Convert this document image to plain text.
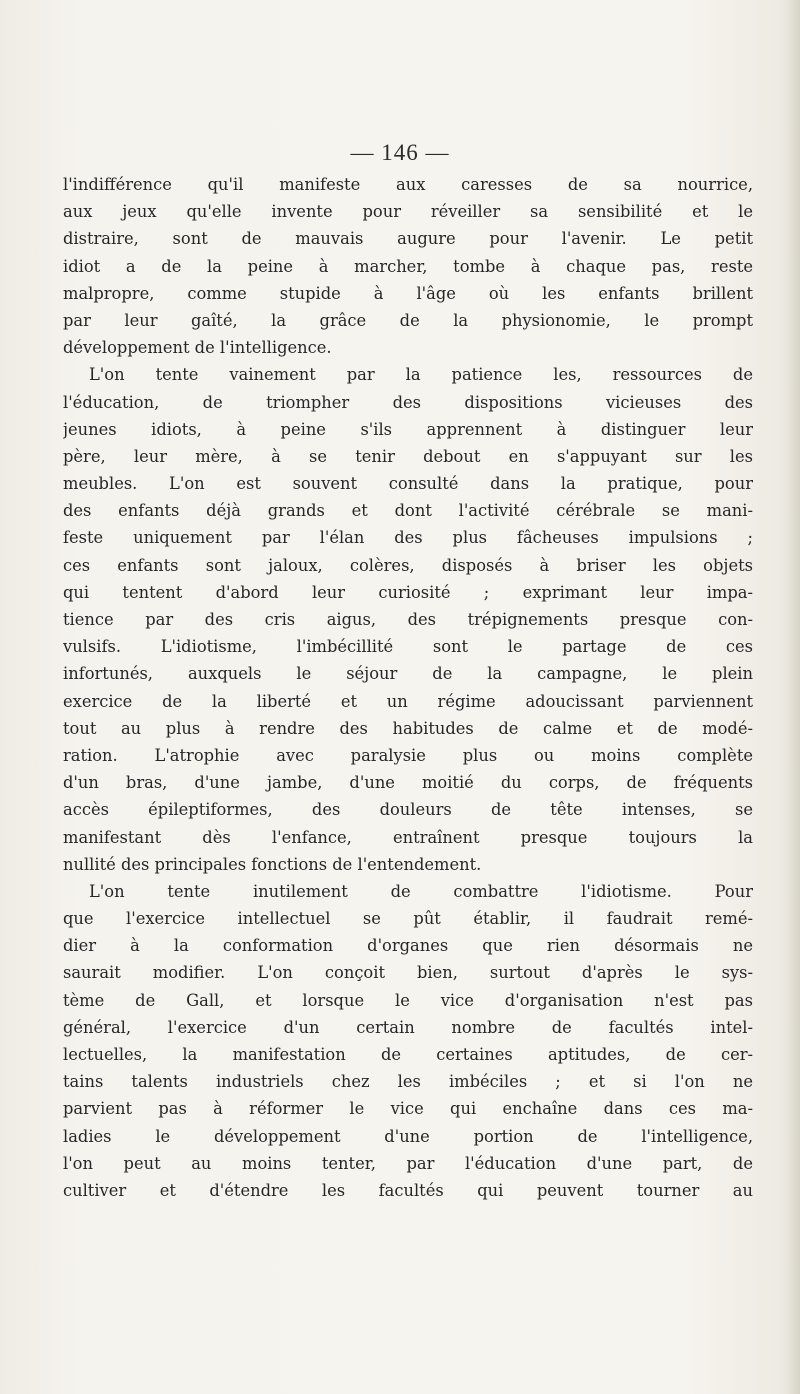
— 146 —

l'indifférence qu'il manifeste aux caresses de sa nourrice,
aux jeux qu'elle invente pour réveiller sa sensibilité et le
distraire, sont de mauvais augure pour l'avenir. Le petit
idiot a de la peine à marcher, tombe à chaque pas, reste
malpropre, comme stupide à l'âge où les enfants brillent
par leur gaîté, la grâce de la physionomie, le prompt
développement de l'intelligence.
L'on tente vainement par la patience les, ressources de
l'éducation, de triompher des dispositions vicieuses des
jeunes idiots, à peine s'ils apprennent à distinguer leur
père, leur mère, à se tenir debout en s'appuyant sur les
meubles. L'on est souvent consulté dans la pratique, pour
des enfants déjà grands et dont l'activité cérébrale se mani-
feste uniquement par l'élan des plus fâcheuses impulsions ;
ces enfants sont jaloux, colères, disposés à briser les objets
qui tentent d'abord leur curiosité ; exprimant leur impa-
tience par des cris aigus, des trépignements presque con-
vulsifs. L'idiotisme, l'imbécillité sont le partage de ces
infortunés, auxquels le séjour de la campagne, le plein
exercice de la liberté et un régime adoucissant parviennent
tout au plus à rendre des habitudes de calme et de modé-
ration. L'atrophie avec paralysie plus ou moins complète
d'un bras, d'une jambe, d'une moitié du corps, de fréquents
accès épileptiformes, des douleurs de tête intenses, se
manifestant dès l'enfance, entraînent presque toujours la
nullité des principales fonctions de l'entendement.
L'on tente inutilement de combattre l'idiotisme. Pour
que l'exercice intellectuel se pût établir, il faudrait remé-
dier à la conformation d'organes que rien désormais ne
saurait modifier. L'on conçoit bien, surtout d'après le sys-
tème de Gall, et lorsque le vice d'organisation n'est pas
général, l'exercice d'un certain nombre de facultés intel-
lectuelles, la manifestation de certaines aptitudes, de cer-
tains talents industriels chez les imbéciles ; et si l'on ne
parvient pas à réformer le vice qui enchaîne dans ces ma-
ladies le développement d'une portion de l'intelligence,
l'on peut au moins tenter, par l'éducation d'une part, de
cultiver et d'étendre les facultés qui peuvent tourner au
